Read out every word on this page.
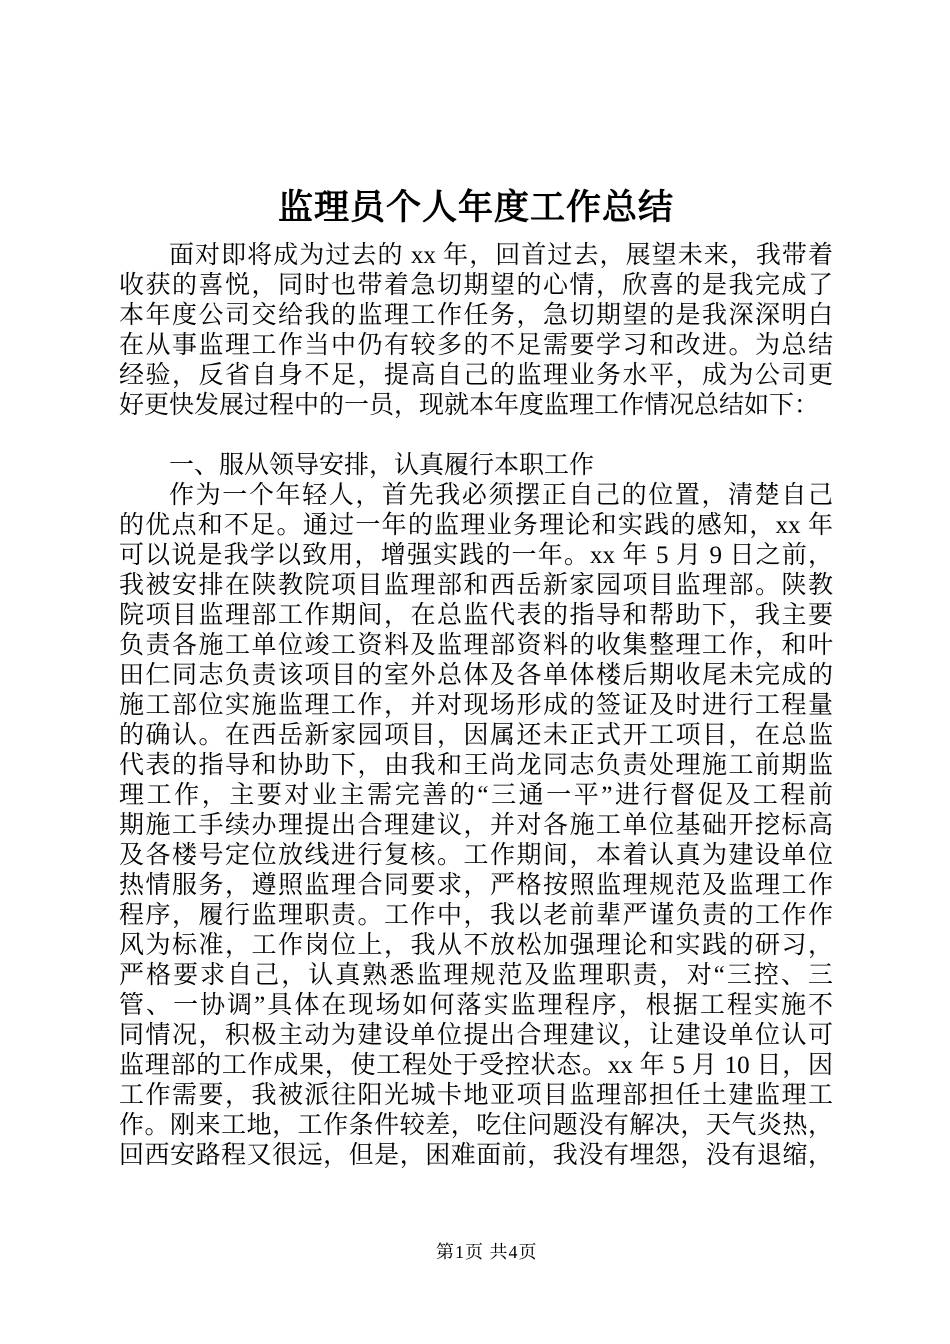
监理员个人年度工作总结
面对即将成为过去的 xx 年，回首过去，展望未来，我带着
收获的喜悦，同时也带着急切期望的心情，欣喜的是我完成了
本年度公司交给我的监理工作任务，急切期望的是我深深明白
在从事监理工作当中仍有较多的不足需要学习和改进。为总结
经验，反省自身不足，提高自己的监理业务水平，成为公司更
好更快发展过程中的一员，现就本年度监理工作情况总结如下：
一、服从领导安排，认真履行本职工作
作为一个年轻人，首先我必须摆正自己的位置，清楚自己
的优点和不足。通过一年的监理业务理论和实践的感知，xx 年
可以说是我学以致用，增强实践的一年。xx 年 5 月 9 日之前，
我被安排在陕教院项目监理部和西岳新家园项目监理部。陕教
院项目监理部工作期间，在总监代表的指导和帮助下，我主要
负责各施工单位竣工资料及监理部资料的收集整理工作，和叶
田仁同志负责该项目的室外总体及各单体楼后期收尾未完成的
施工部位实施监理工作，并对现场形成的签证及时进行工程量
的确认。在西岳新家园项目，因属还未正式开工项目，在总监
代表的指导和协助下，由我和王尚龙同志负责处理施工前期监
理工作，主要对业主需完善的“三通一平”进行督促及工程前
期施工手续办理提出合理建议，并对各施工单位基础开挖标高
及各楼号定位放线进行复核。工作期间，本着认真为建设单位
热情服务，遵照监理合同要求，严格按照监理规范及监理工作
程序，履行监理职责。工作中，我以老前辈严谨负责的工作作
风为标准，工作岗位上，我从不放松加强理论和实践的研习，
严格要求自己，认真熟悉监理规范及监理职责，对“三控、三
管、一协调”具体在现场如何落实监理程序，根据工程实施不
同情况，积极主动为建设单位提出合理建议，让建设单位认可
监理部的工作成果，使工程处于受控状态。xx 年 5 月 10 日，因
工作需要，我被派往阳光城卡地亚项目监理部担任土建监理工
作。刚来工地，工作条件较差，吃住问题没有解决，天气炎热，
回西安路程又很远，但是，困难面前，我没有埋怨，没有退缩，
第1页 共4页
